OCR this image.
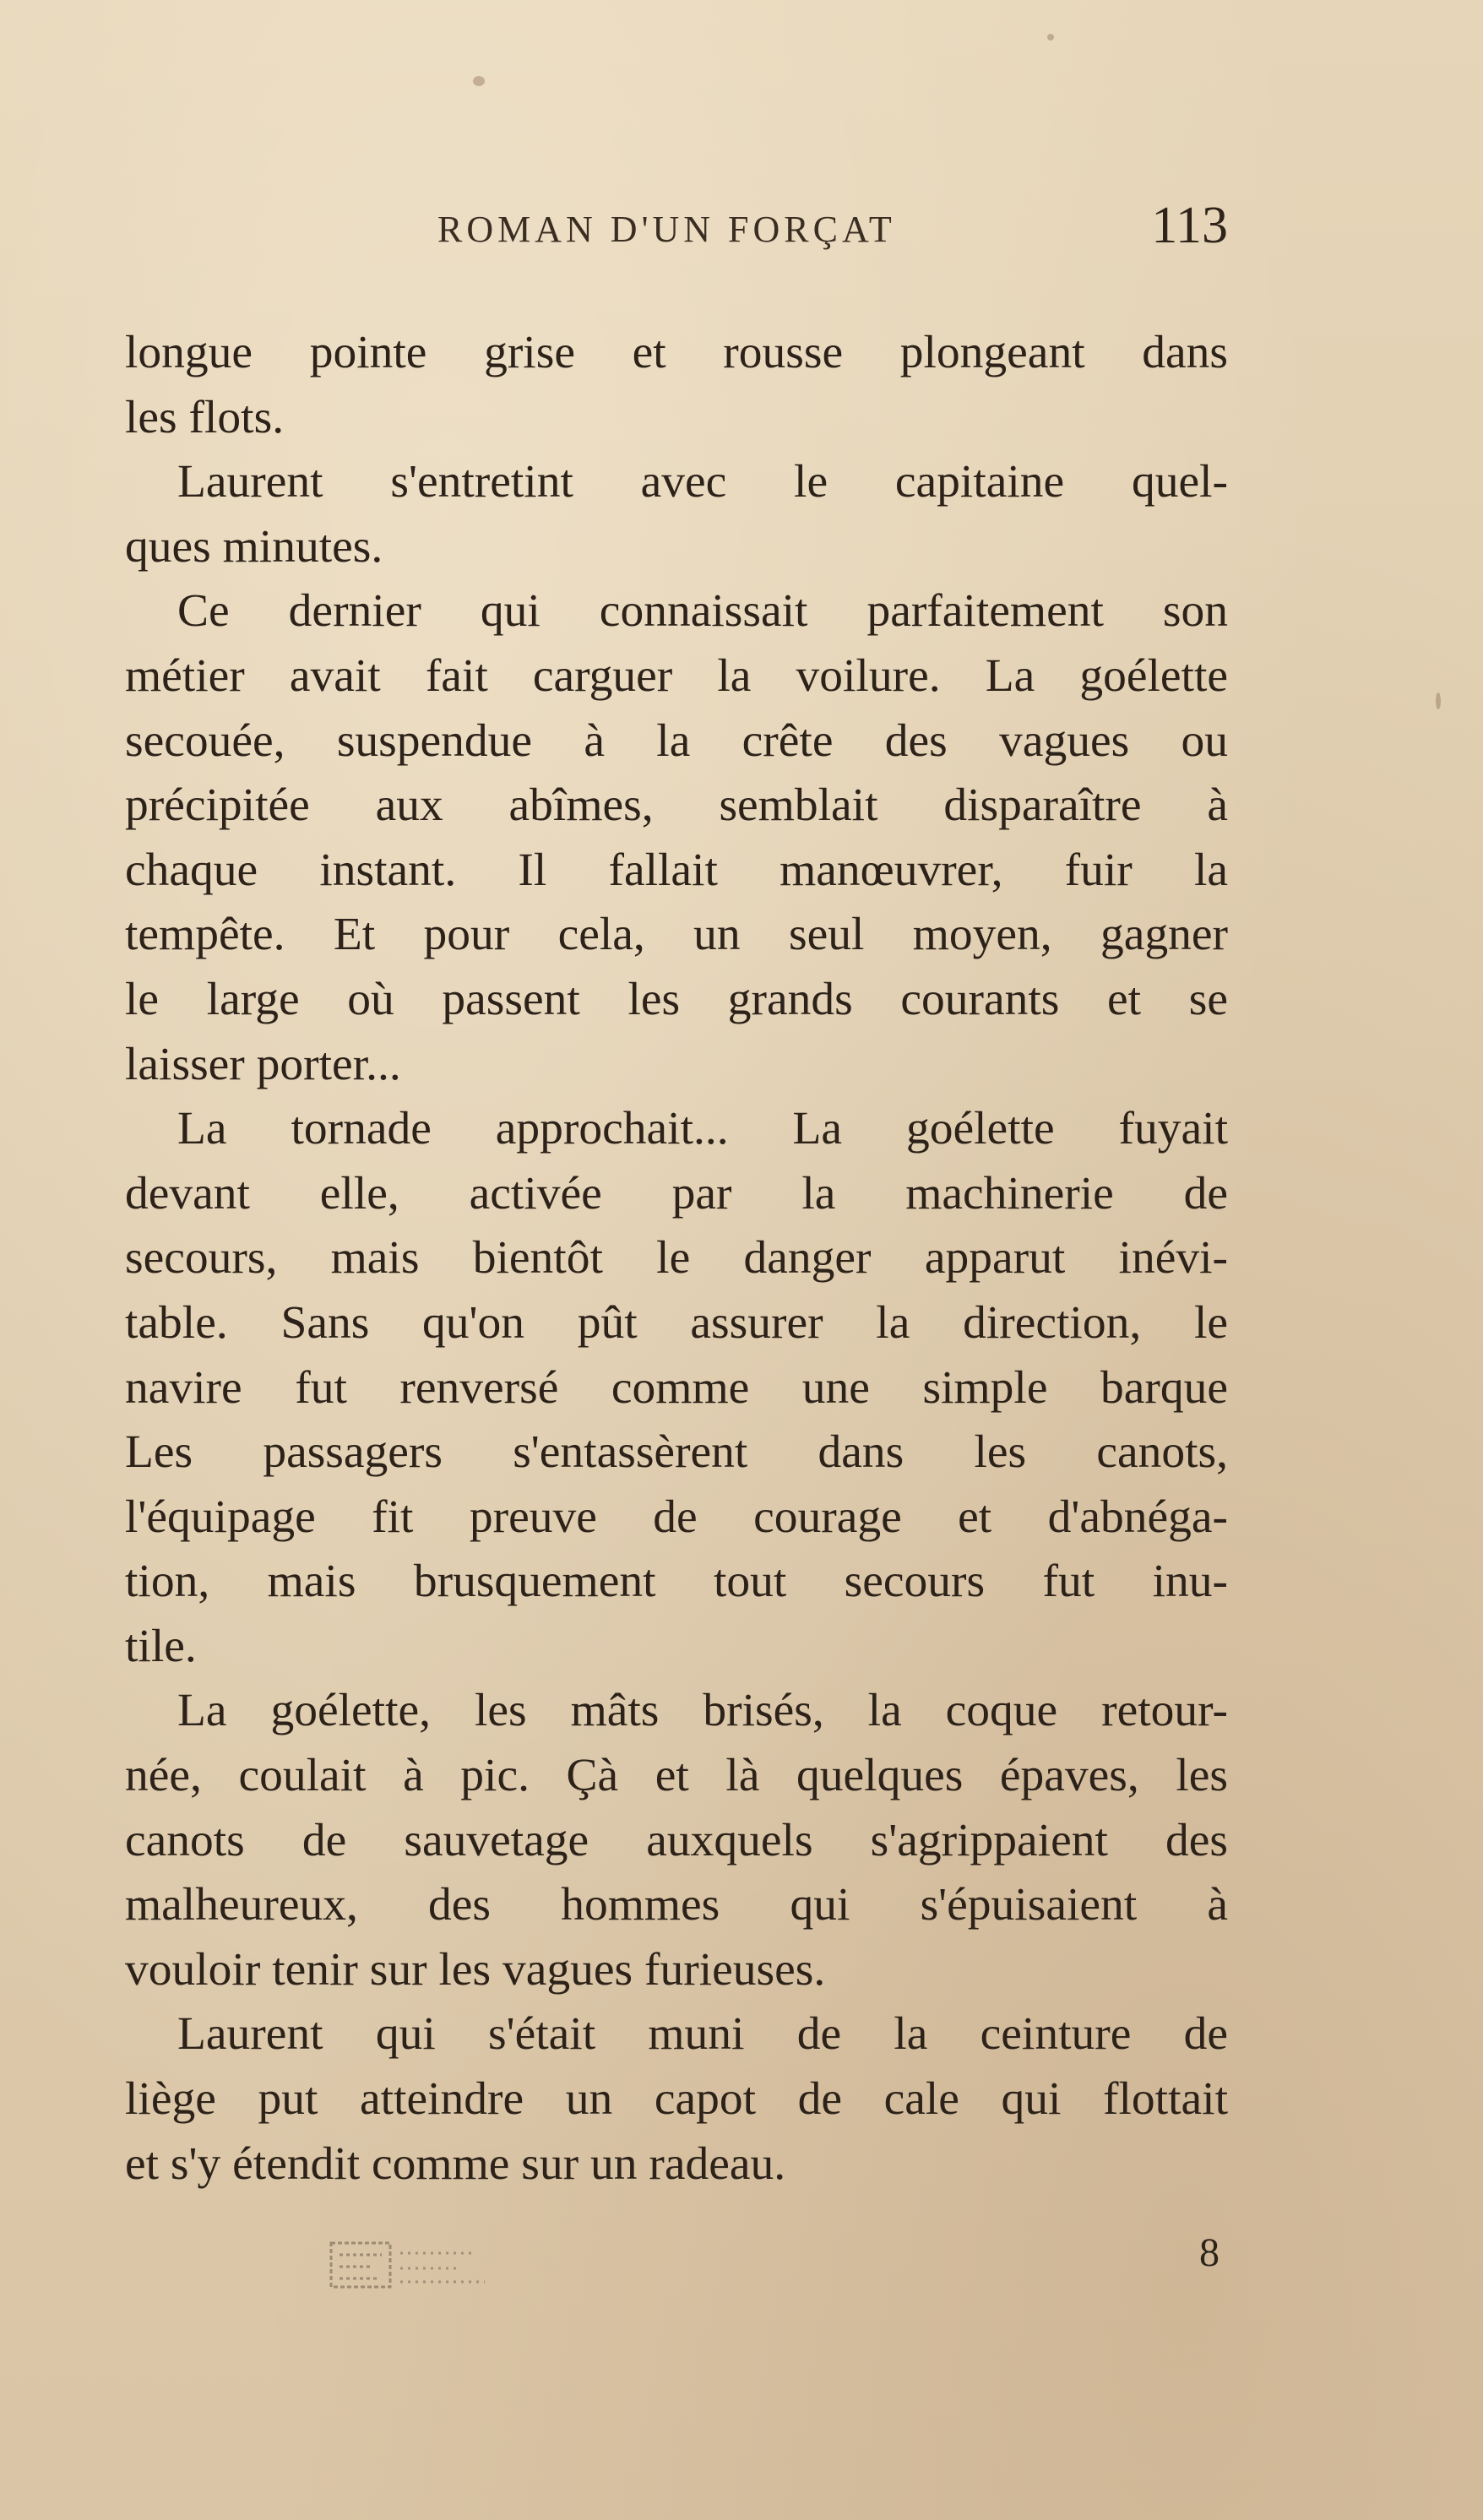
ROMAN D'UN FORÇAT	113
longue pointe grise et rousse plongeant dans
les flots.
Laurent s'entretint avec le capitaine quel-
ques minutes.
Ce dernier qui connaissait parfaitement son
métier avait fait carguer la voilure. La goélette
secouée, suspendue à la crête des vagues ou
précipitée aux abîmes, semblait disparaître à
chaque instant. Il fallait manœuvrer, fuir la
tempête. Et pour cela, un seul moyen, gagner
le large où passent les grands courants et se
laisser porter...
La tornade approchait... La goélette fuyait
devant elle, activée par la machinerie de
secours, mais bientôt le danger apparut inévi-
table. Sans qu'on pût assurer la direction, le
navire fut renversé comme une simple barque
Les passagers s'entassèrent dans les canots,
l'équipage fit preuve de courage et d'abnéga-
tion, mais brusquement tout secours fut inu-
tile.
La goélette, les mâts brisés, la coque retour-
née, coulait à pic. Çà et là quelques épaves, les
canots de sauvetage auxquels s'agrippaient des
malheureux, des hommes qui s'épuisaient à
vouloir tenir sur les vagues furieuses.
Laurent qui s'était muni de la ceinture de
liège put atteindre un capot de cale qui flottait
et s'y étendit comme sur un radeau.
8
